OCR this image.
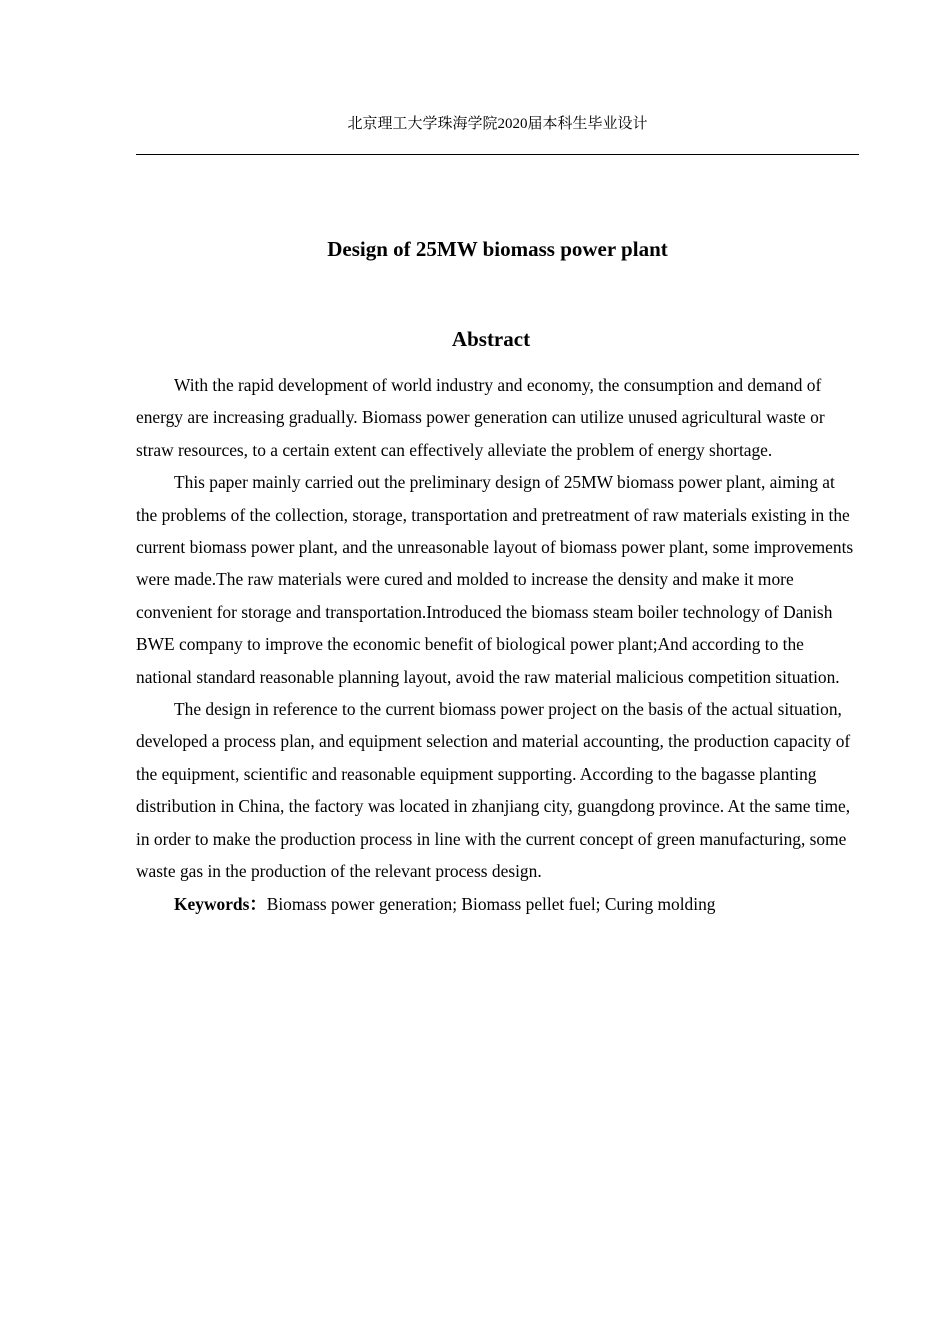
北京理工大学珠海学院2020届本科生毕业设计
Design of 25MW biomass power plant
Abstract

With the rapid development of world industry and economy, the consumption and demand of energy are increasing gradually. Biomass power generation can utilize unused agricultural waste or straw resources, to a certain extent can effectively alleviate the problem of energy shortage.

This paper mainly carried out the preliminary design of 25MW biomass power plant, aiming at the problems of the collection, storage, transportation and pretreatment of raw materials existing in the current biomass power plant, and the unreasonable layout of biomass power plant, some improvements were made.The raw materials were cured and molded to increase the density and make it more convenient for storage and transportation.Introduced the biomass steam boiler technology of Danish BWE company to improve the economic benefit of biological power plant;And according to the national standard reasonable planning layout, avoid the raw material malicious competition situation.

The design in reference to the current biomass power project on the basis of the actual situation, developed a process plan, and equipment selection and material accounting, the production capacity of the equipment, scientific and reasonable equipment supporting. According to the bagasse planting distribution in China, the factory was located in zhanjiang city, guangdong province. At the same time, in order to make the production process in line with the current concept of green manufacturing, some waste gas in the production of the relevant process design.

Keywords：Biomass power generation; Biomass pellet fuel; Curing molding
